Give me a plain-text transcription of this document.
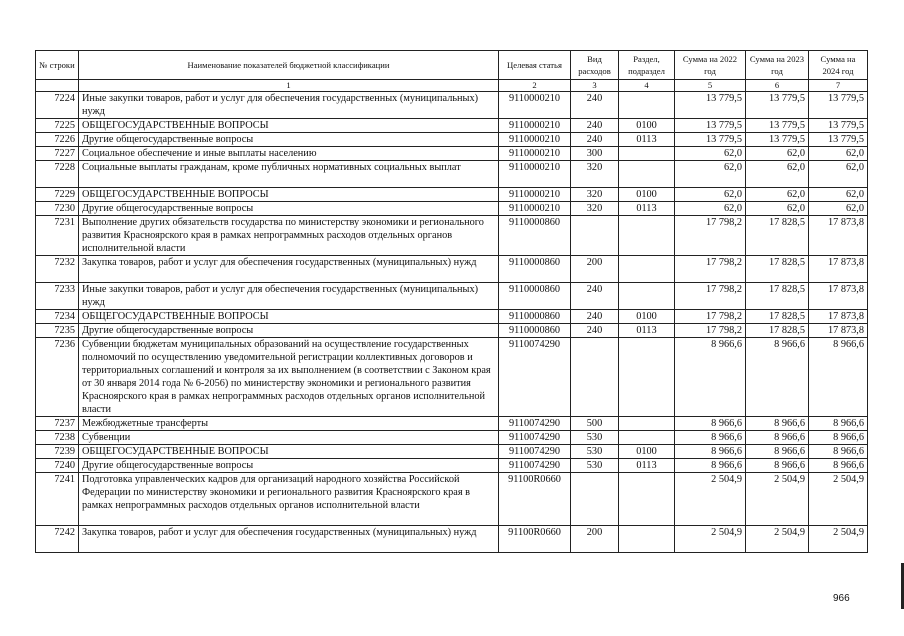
№ строки	Наименование показателей бюджетной классификации	Целевая статья	Вид расходов	Раздел, подраздел	Сумма на 2022 год	Сумма на 2023 год	Сумма на 2024 год
	1	2	3	4	5	6	7
7224	Иные закупки товаров, работ и услуг для обеспечения государственных (муниципальных) нужд	9110000210	240		13 779,5	13 779,5	13 779,5
7225	ОБЩЕГОСУДАРСТВЕННЫЕ ВОПРОСЫ	9110000210	240	0100	13 779,5	13 779,5	13 779,5
7226	Другие общегосударственные вопросы	9110000210	240	0113	13 779,5	13 779,5	13 779,5
7227	Социальное обеспечение и иные выплаты населению	9110000210	300		62,0	62,0	62,0
7228	Социальные выплаты гражданам, кроме публичных нормативных социальных выплат	9110000210	320		62,0	62,0	62,0
7229	ОБЩЕГОСУДАРСТВЕННЫЕ ВОПРОСЫ	9110000210	320	0100	62,0	62,0	62,0
7230	Другие общегосударственные вопросы	9110000210	320	0113	62,0	62,0	62,0
7231	Выполнение других обязательств государства по министерству экономики и регионального развития Красноярского края в рамках непрограммных расходов отдельных органов исполнительной власти	9110000860			17 798,2	17 828,5	17 873,8
7232	Закупка товаров, работ и услуг для обеспечения государственных (муниципальных) нужд	9110000860	200		17 798,2	17 828,5	17 873,8
7233	Иные закупки товаров, работ и услуг для обеспечения государственных (муниципальных) нужд	9110000860	240		17 798,2	17 828,5	17 873,8
7234	ОБЩЕГОСУДАРСТВЕННЫЕ ВОПРОСЫ	9110000860	240	0100	17 798,2	17 828,5	17 873,8
7235	Другие общегосударственные вопросы	9110000860	240	0113	17 798,2	17 828,5	17 873,8
7236	Субвенции бюджетам муниципальных образований на осуществление государственных полномочий по осуществлению уведомительной регистрации коллективных договоров и территориальных соглашений и контроля за их выполнением (в соответствии с Законом края от 30 января 2014 года № 6-2056) по министерству экономики и регионального развития Красноярского края в рамках непрограммных расходов отдельных органов исполнительной власти	9110074290			8 966,6	8 966,6	8 966,6
7237	Межбюджетные трансферты	9110074290	500		8 966,6	8 966,6	8 966,6
7238	Субвенции	9110074290	530		8 966,6	8 966,6	8 966,6
7239	ОБЩЕГОСУДАРСТВЕННЫЕ ВОПРОСЫ	9110074290	530	0100	8 966,6	8 966,6	8 966,6
7240	Другие общегосударственные вопросы	9110074290	530	0113	8 966,6	8 966,6	8 966,6
7241	Подготовка управленческих кадров для организаций народного хозяйства Российской Федерации по министерству экономики и регионального развития Красноярского края в рамках непрограммных расходов отдельных органов исполнительной власти	91100R0660			2 504,9	2 504,9	2 504,9
7242	Закупка товаров, работ и услуг для обеспечения государственных (муниципальных) нужд	91100R0660	200		2 504,9	2 504,9	2 504,9
966
